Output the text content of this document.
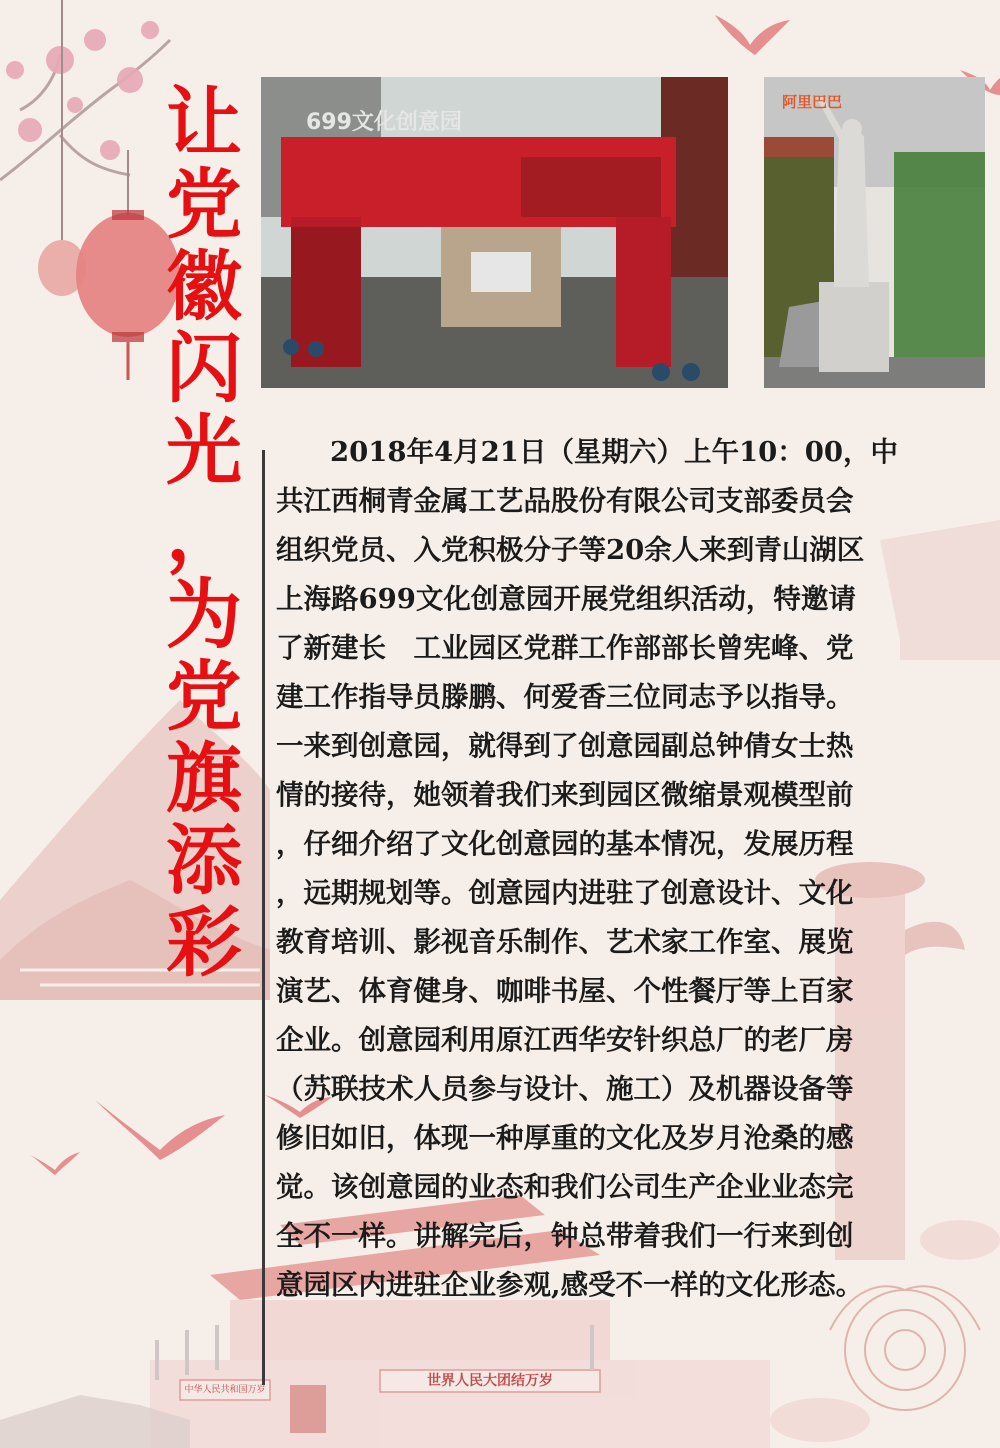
让
党
徽
闪
光
，
为
党
旗
添
彩
699文化创意园
阿里巴巴
中华人民共和国万岁
世界人民大团结万岁
2018年4月21日（星期六）上午10：00，中
共江西桐青金属工艺品股份有限公司支部委员会
组织党员、入党积极分子等20余人来到青山湖区
上海路699文化创意园开展党组织活动，特邀请
了新建长　工业园区党群工作部部长曾宪峰、党
建工作指导员滕鹏、何爱香三位同志予以指导。
一来到创意园，就得到了创意园副总钟倩女士热
情的接待，她领着我们来到园区微缩景观模型前
，仔细介绍了文化创意园的基本情况，发展历程
，远期规划等。创意园内进驻了创意设计、文化
教育培训、影视音乐制作、艺术家工作室、展览
演艺、体育健身、咖啡书屋、个性餐厅等上百家
企业。创意园利用原江西华安针织总厂的老厂房
（苏联技术人员参与设计、施工）及机器设备等
修旧如旧，体现一种厚重的文化及岁月沧桑的感
觉。该创意园的业态和我们公司生产企业业态完
全不一样。讲解完后，钟总带着我们一行来到创
意园区内进驻企业参观,感受不一样的文化形态。
